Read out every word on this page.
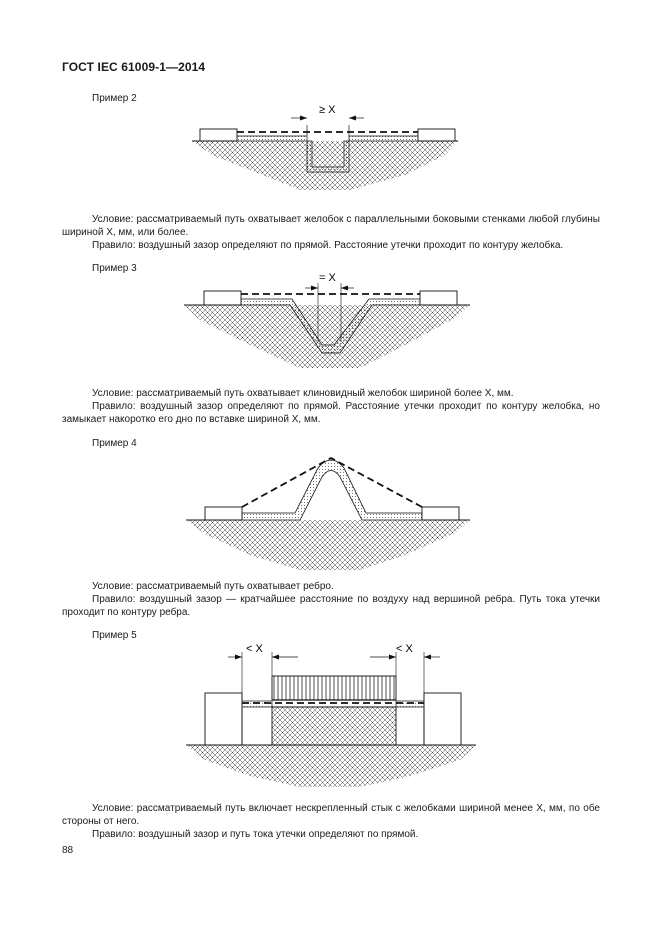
ГОСТ IEC 61009-1—2014
Пример 2
≥ X

Условие: рассматриваемый путь охватывает желобок с параллельными боковыми стенками любой глубины шириной X, мм, или более.

Правило: воздушный зазор определяют по прямой. Расстояние утечки проходит по контуру желобка.

Пример 3
= X

Условие: рассматриваемый путь охватывает клиновидный желобок шириной более X, мм.

Правило: воздушный зазор определяют по прямой. Расстояние утечки проходит по контуру желобка, но замыкает накоротко его дно по вставке шириной X, мм.

Пример 4

Условие: рассматриваемый путь охватывает ребро.

Правило: воздушный зазор — кратчайшее расстояние по воздуху над вершиной ребра. Путь тока утечки проходит по контуру ребра.

Пример 5
< X	< X

Условие: рассматриваемый путь включает нескрепленный стык с желобками шириной менее X, мм, по обе стороны от него.

Правило: воздушный зазор и путь тока утечки определяют по прямой.

88
